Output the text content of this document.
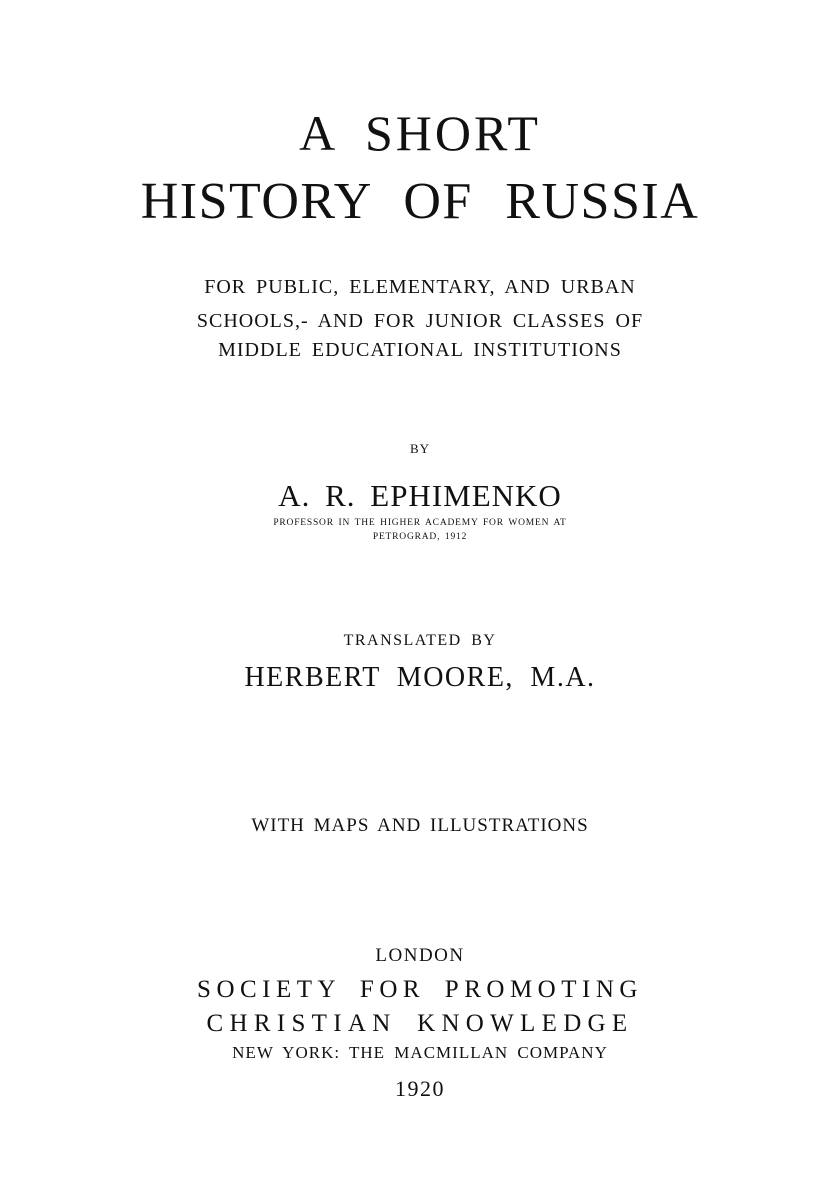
A SHORT
HISTORY OF RUSSIA
FOR PUBLIC, ELEMENTARY, AND URBAN
SCHOOLS,- AND FOR JUNIOR CLASSES OF
MIDDLE EDUCATIONAL INSTITUTIONS
BY
A. R. EPHIMENKO
PROFESSOR IN THE HIGHER ACADEMY FOR WOMEN AT
PETROGRAD, 1912
TRANSLATED BY
HERBERT MOORE, M.A.
WITH MAPS AND ILLUSTRATIONS
LONDON
SOCIETY FOR PROMOTING
CHRISTIAN KNOWLEDGE
NEW YORK: THE MACMILLAN COMPANY
1920
